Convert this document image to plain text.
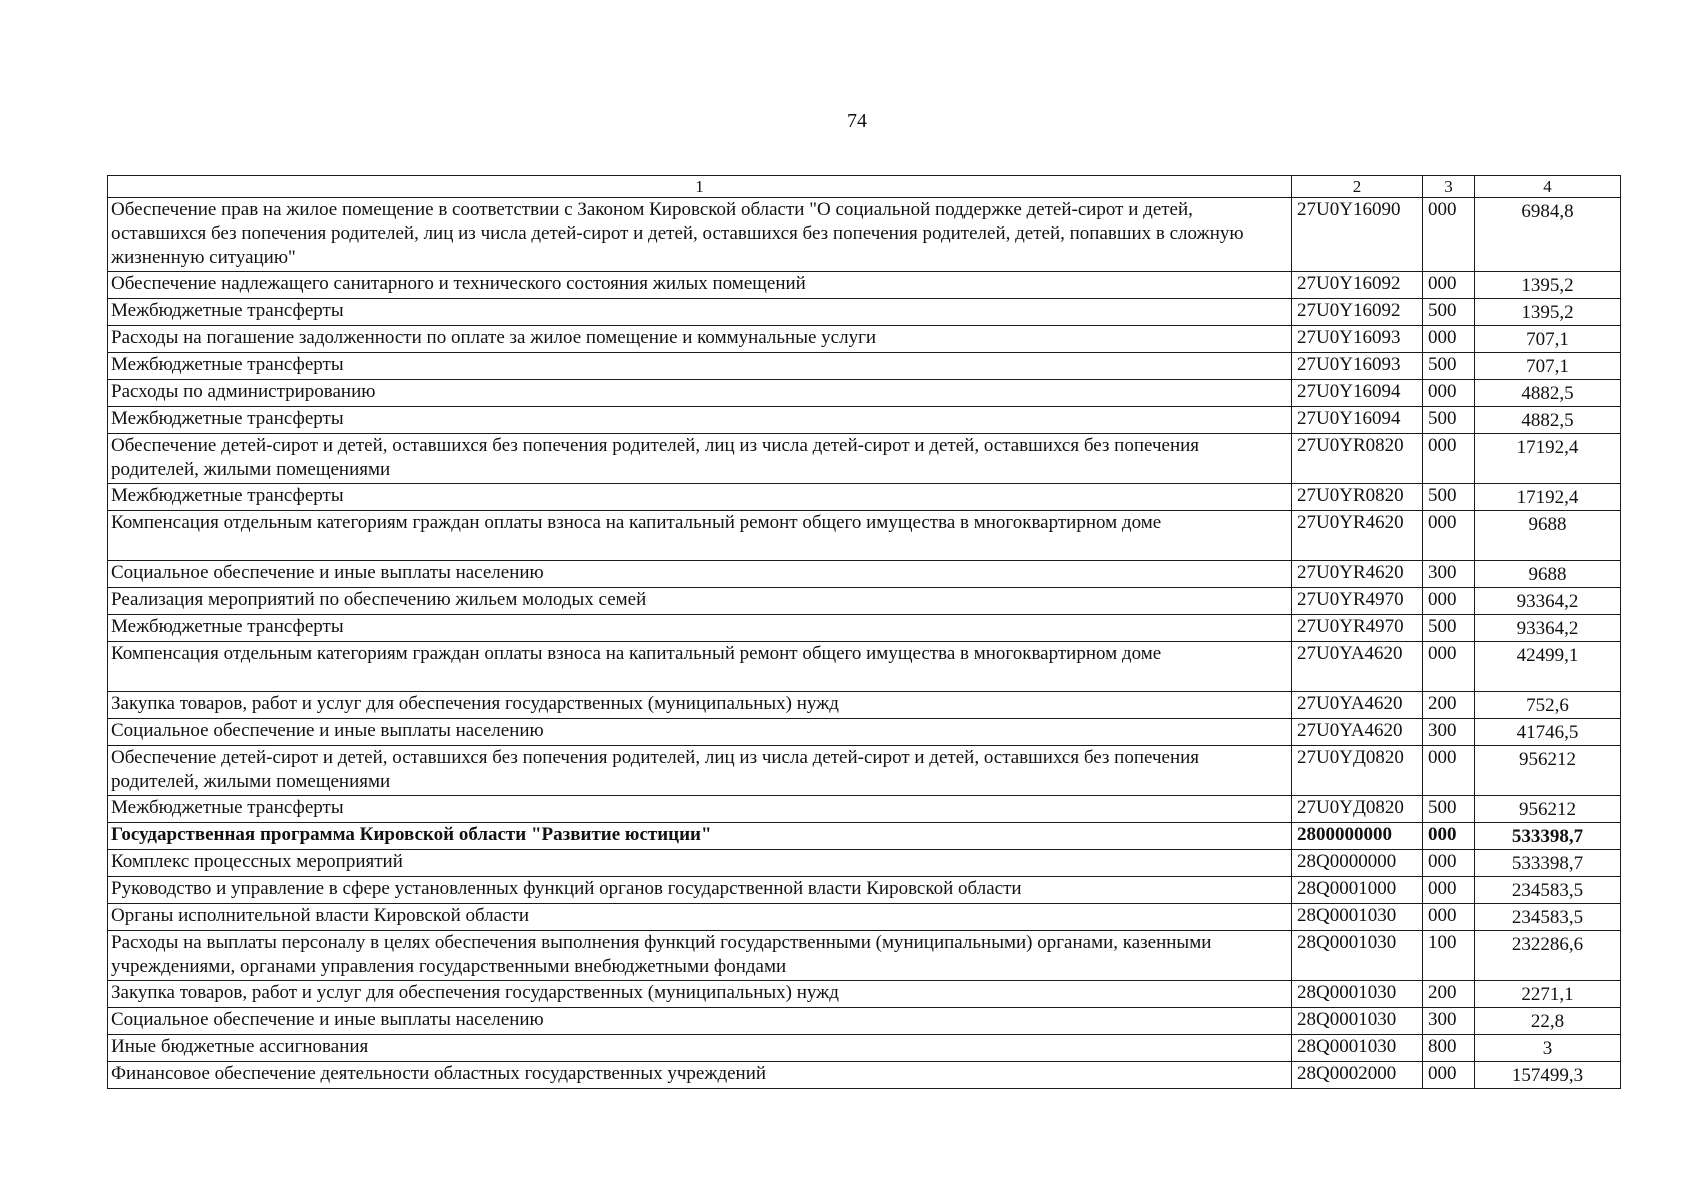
74
1	2	3	4
Обеспечение прав на жилое помещение в соответствии с Законом Кировской области "О социальной поддержке детей-сирот и детей, оставшихся без попечения родителей, лиц из числа детей-сирот и детей, оставшихся без попечения родителей, детей, попавших в сложную жизненную ситуацию"	27U0Y16090	000	6984,8
Обеспечение надлежащего санитарного и технического состояния жилых помещений	27U0Y16092	000	1395,2
Межбюджетные трансферты	27U0Y16092	500	1395,2
Расходы на погашение задолженности по оплате за жилое помещение и коммунальные услуги	27U0Y16093	000	707,1
Межбюджетные трансферты	27U0Y16093	500	707,1
Расходы по администрированию	27U0Y16094	000	4882,5
Межбюджетные трансферты	27U0Y16094	500	4882,5
Обеспечение детей-сирот и детей, оставшихся без попечения родителей, лиц из числа детей-сирот и детей, оставшихся без попечения родителей, жилыми помещениями	27U0YR0820	000	17192,4
Межбюджетные трансферты	27U0YR0820	500	17192,4
Компенсация отдельным категориям граждан оплаты взноса на капитальный ремонт общего имущества в многоквартирном доме	27U0YR4620	000	9688
Социальное обеспечение и иные выплаты населению	27U0YR4620	300	9688
Реализация мероприятий по обеспечению жильем молодых семей	27U0YR4970	000	93364,2
Межбюджетные трансферты	27U0YR4970	500	93364,2
Компенсация отдельным категориям граждан оплаты взноса на капитальный ремонт общего имущества в многоквартирном доме	27U0YA4620	000	42499,1
Закупка товаров, работ и услуг для обеспечения государственных (муниципальных) нужд	27U0YA4620	200	752,6
Социальное обеспечение и иные выплаты населению	27U0YA4620	300	41746,5
Обеспечение детей-сирот и детей, оставшихся без попечения родителей, лиц из числа детей-сирот и детей, оставшихся без попечения родителей, жилыми помещениями	27U0YД0820	000	956212
Межбюджетные трансферты	27U0YД0820	500	956212
Государственная программа Кировской области "Развитие юстиции"	2800000000	000	533398,7
Комплекс процессных мероприятий	28Q0000000	000	533398,7
Руководство и управление в сфере установленных функций органов государственной власти Кировской области	28Q0001000	000	234583,5
Органы исполнительной власти Кировской области	28Q0001030	000	234583,5
Расходы на выплаты персоналу в целях обеспечения выполнения функций государственными (муниципальными) органами, казенными учреждениями, органами управления государственными внебюджетными фондами	28Q0001030	100	232286,6
Закупка товаров, работ и услуг для обеспечения государственных (муниципальных) нужд	28Q0001030	200	2271,1
Социальное обеспечение и иные выплаты населению	28Q0001030	300	22,8
Иные бюджетные ассигнования	28Q0001030	800	3
Финансовое обеспечение деятельности областных государственных учреждений	28Q0002000	000	157499,3
